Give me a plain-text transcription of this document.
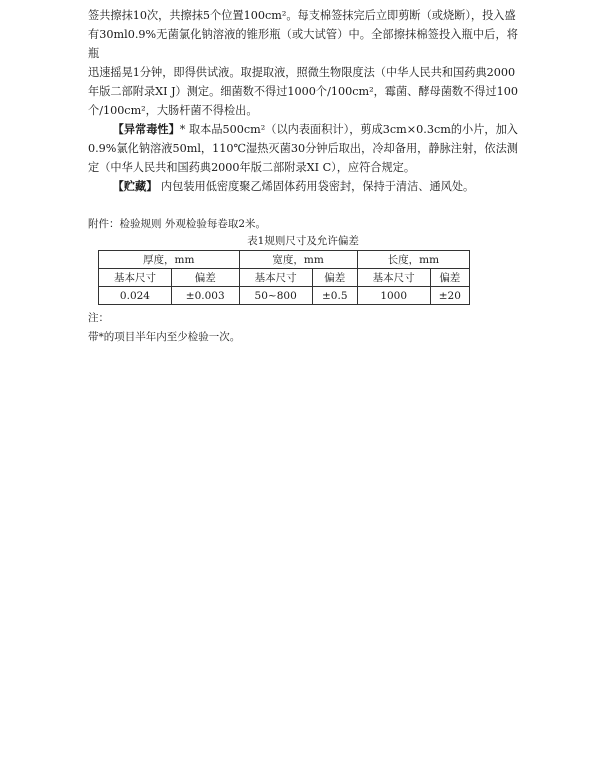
签共擦抹10次，共擦抹5个位置100cm²。每支棉签抹完后立即剪断（或烧断），投入盛
有30ml0.9%无菌氯化钠溶液的锥形瓶（或大试管）中。全部擦抹棉签投入瓶中后，将瓶
迅速摇晃1分钟，即得供试液。取提取液，照微生物限度法（中华人民共和国药典2000
年版二部附录XI J）测定。细菌数不得过1000个/100cm²，霉菌、酵母菌数不得过100
个/100cm²，大肠杆菌不得检出。

【异常毒性】* 取本品500cm²（以内表面积计），剪成3cm×0.3cm的小片，加入0.9%氯化钠溶液50ml，110℃湿热灭菌30分钟后取出，冷却备用，静脉注射，依法测定（中华人民共和国药典2000年版二部附录XI C），应符合规定。

【贮藏】 内包装用低密度聚乙烯固体药用袋密封，保持于清洁、通风处。

附件：检验规则 外观检验每卷取2米。

表1规则尺寸及允许偏差
厚度，mm		宽度，mm		长度，mm	
基本尺寸	偏差	基本尺寸	偏差	基本尺寸	偏差
0.024	±0.003	50~800	±0.5	1000	±20

注：

带*的项目半年内至少检验一次。
